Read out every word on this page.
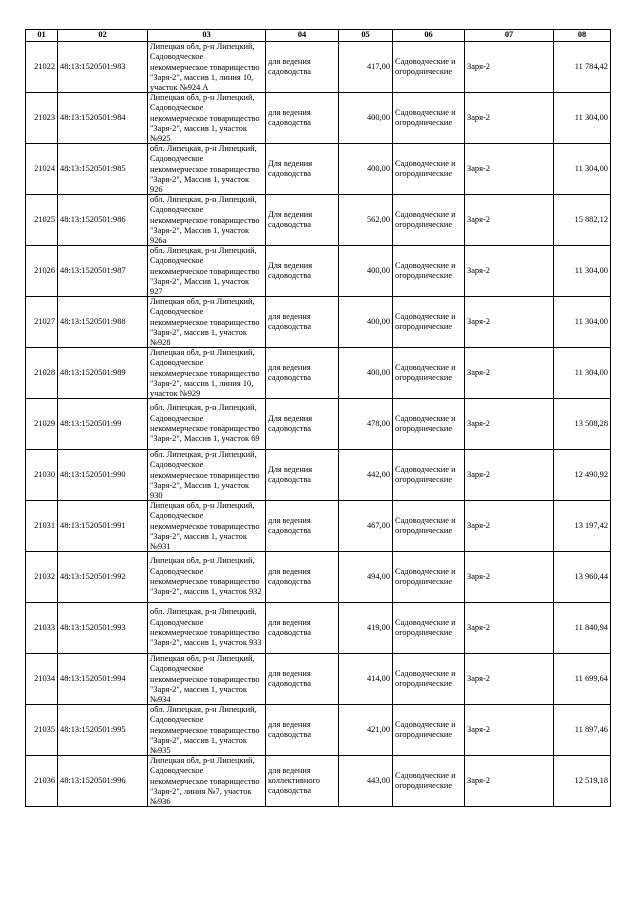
01	02	03	04	05	06	07	08
21022	48:13:1520501:983	Липецкая обл, р-н Липецкий, Садоводческое некоммерческое товарищество "Заря-2", массив 1, линия 10, участок №924 А	для ведения садоводства	417,00	Садоводческие и огороднические	Заря-2	11 784,42
21023	48:13:1520501:984	Липецкая обл, р-н Липецкий, Садоводческое некоммерческое товарищество "Заря-2", массив 1, участок №925	для ведения садоводства	400,00	Садоводческие и огороднические	Заря-2	11 304,00
21024	48:13:1520501:985	обл. Липецкая, р-н Липецкий, Садоводческое некоммерческое товарищество "Заря-2", Массив 1, участок 926	Для ведения садоводства	400,00	Садоводческие и огороднические	Заря-2	11 304,00
21025	48:13:1520501:986	обл. Липецкая, р-н Липецкий, Садоводческое некоммерческое товарищество "Заря-2", Массив 1, участок 926а	Для ведения садоводства	562,00	Садоводческие и огороднические	Заря-2	15 882,12
21026	48:13:1520501:987	обл. Липецкая, р-н Липецкий, Садоводческое некоммерческое товарищество "Заря-2", Массив 1, участок 927	Для ведения садоводства	400,00	Садоводческие и огороднические	Заря-2	11 304,00
21027	48:13:1520501:988	Липецкая обл, р-н Липецкий, Садоводческое некоммерческое товарищество "Заря-2", массив 1, участок №928	для ведения садоводства	400,00	Садоводческие и огороднические	Заря-2	11 304,00
21028	48:13:1520501:989	Липецкая обл, р-н Липецкий, Садоводческое некоммерческое товарищество "Заря-2", массив 1, линия 10, участок №929	для ведения садоводства	400,00	Садоводческие и огороднические	Заря-2	11 304,00
21029	48:13:1520501:99	обл. Липецкая, р-н Липецкий, Садоводческое некоммерческое товарищество "Заря-2", Массив 1, участок 69	Для ведения садоводства	478,00	Садоводческие и огороднические	Заря-2	13 508,28
21030	48:13:1520501:990	обл. Липецкая, р-н Липецкий, Садоводческое некоммерческое товарищество "Заря-2", Массив 1, участок 930	Для ведения садоводства	442,00	Садоводческие и огороднические	Заря-2	12 490,92
21031	48:13:1520501:991	Липецкая обл, р-н Липецкий, Садоводческое некоммерческое товарищество "Заря-2", массив 1, участок №931	для ведения садоводства	467,00	Садоводческие и огороднические	Заря-2	13 197,42
21032	48:13:1520501:992	Липецкая обл, р-н Липецкий, Садоводческое некоммерческое товарищество "Заря-2", массив 1, участок 932	для ведения садоводства	494,00	Садоводческие и огороднические	Заря-2	13 960,44
21033	48:13:1520501:993	обл. Липецкая, р-н Липецкий, Садоводческое некоммерческое товарищество "Заря-2", массив 1, участок 933	для ведения садоводства	419,00	Садоводческие и огороднические	Заря-2	11 840,94
21034	48:13:1520501:994	Липецкая обл, р-н Липецкий, Садоводческое некоммерческое товарищество "Заря-2", массив 1, участок №934	для ведения садоводства	414,00	Садоводческие и огороднические	Заря-2	11 699,64
21035	48:13:1520501:995	обл. Липецкая, р-н Липецкий, Садоводческое некоммерческое товарищество "Заря-2", массив 1, участок №935	для ведения садоводства	421,00	Садоводческие и огороднические	Заря-2	11 897,46
21036	48:13:1520501:996	Липецкая обл, р-н Липецкий, Садоводческое некоммерческое товарищество "Заря-2", линия №7, участок №936	для ведения коллективного садоводства	443,00	Садоводческие и огороднические	Заря-2	12 519,18
